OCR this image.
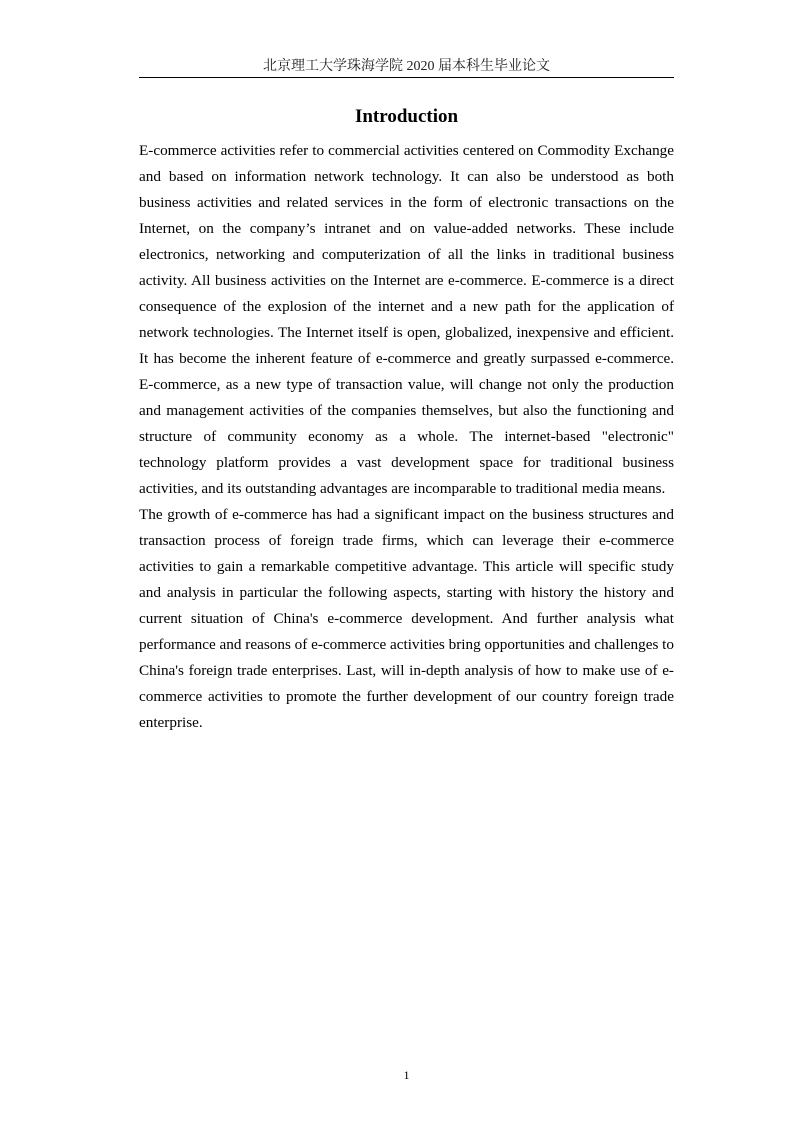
北京理工大学珠海学院 2020 届本科生毕业论文
Introduction

E-commerce activities refer to commercial activities centered on Commodity Exchange and based on information network technology. It can also be understood as both business activities and related services in the form of electronic transactions on the Internet, on the company’s intranet and on value-added networks. These include electronics, networking and computerization of all the links in traditional business activity. All business activities on the Internet are e-commerce. E-commerce is a direct consequence of the explosion of the internet and a new path for the application of network technologies. The Internet itself is open, globalized, inexpensive and efficient. It has become the inherent feature of e-commerce and greatly surpassed e-commerce. E-commerce, as a new type of transaction value, will change not only the production and management activities of the companies themselves, but also the functioning and structure of community economy as a whole. The internet-based "electronic" technology platform provides a vast development space for traditional business activities, and its outstanding advantages are incomparable to traditional media means.

The growth of e-commerce has had a significant impact on the business structures and transaction process of foreign trade firms, which can leverage their e-commerce activities to gain a remarkable competitive advantage. This article will specific study and analysis in particular the following aspects, starting with history the history and current situation of China's e-commerce development. And further analysis what performance and reasons of e-commerce activities bring opportunities and challenges to China's foreign trade enterprises. Last, will in-depth analysis of how to make use of e-commerce activities to promote the further development of our country foreign trade enterprise.

1
